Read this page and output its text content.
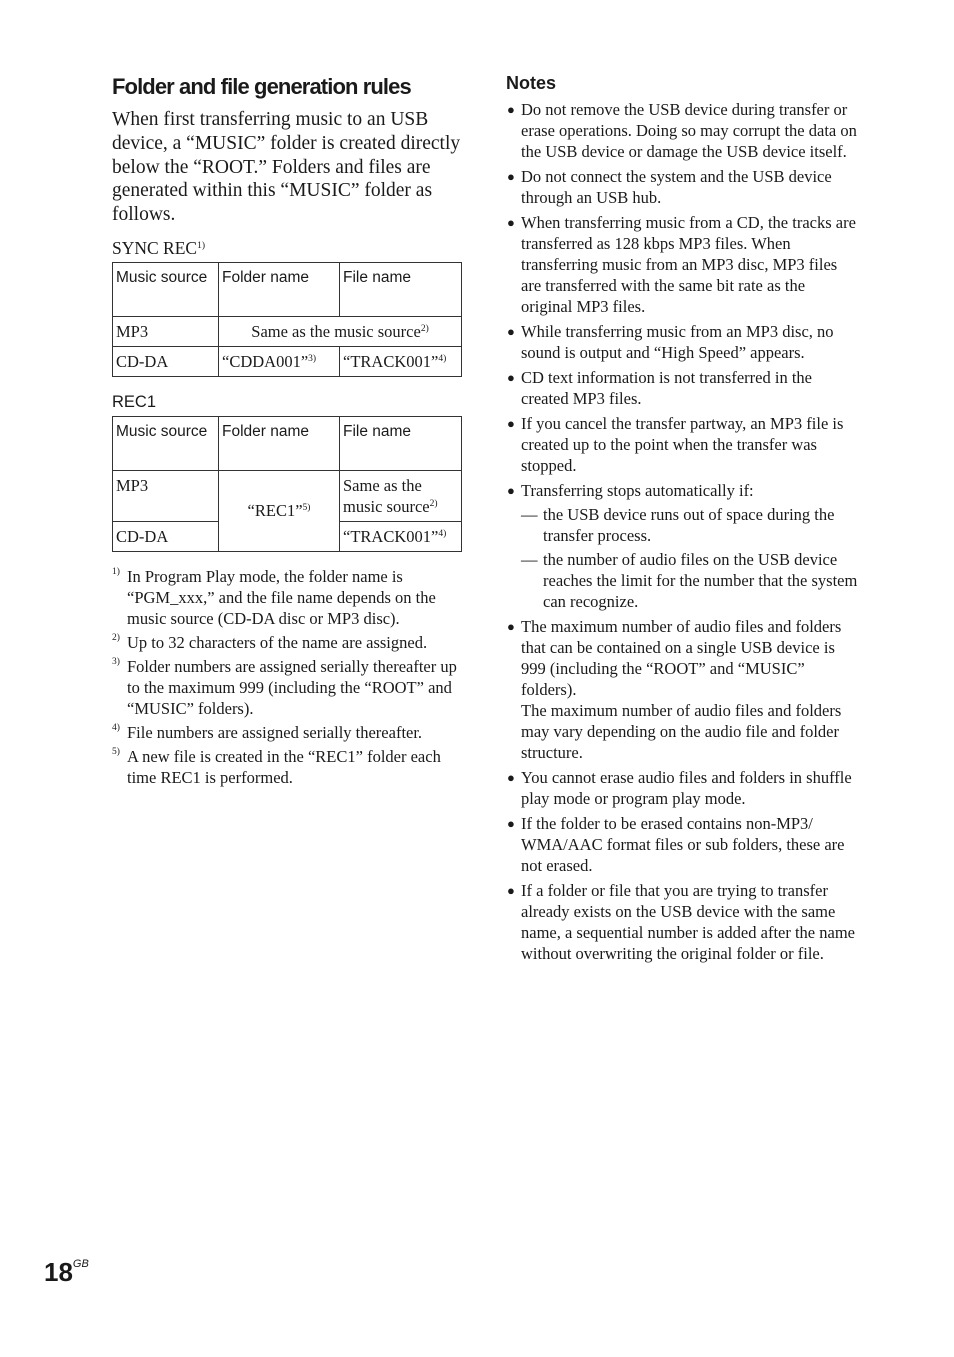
Folder and file generation rules

When first transferring music to an USB device, a “MUSIC” folder is created directly below the “ROOT.” Folders and files are generated within this “MUSIC” folder as follows.

SYNC REC$^{1)}$
Music source	Folder name	File name
MP3	Same as the music source$^{2)}$
CD-DA	“CDDA001”$^{3)}$	“TRACK001”$^{4)}$
REC1
Music source	Folder name	File name
MP3	“REC1”$^{5)}$	Same as the music source$^{2)}$
CD-DA		“TRACK001”$^{4)}$
1) In Program Play mode, the folder name is “PGM_xxx,” and the file name depends on the music source (CD-DA disc or MP3 disc).
2) Up to 32 characters of the name are assigned.
3) Folder numbers are assigned serially thereafter up to the maximum 999 (including the “ROOT” and “MUSIC” folders).
4) File numbers are assigned serially thereafter.
5) A new file is created in the “REC1” folder each time REC1 is performed.
Notes
● Do not remove the USB device during transfer or erase operations. Doing so may corrupt the data on the USB device or damage the USB device itself.
● Do not connect the system and the USB device through an USB hub.
● When transferring music from a CD, the tracks are transferred as 128 kbps MP3 files. When transferring music from an MP3 disc, MP3 files are transferred with the same bit rate as the original MP3 files.
● While transferring music from an MP3 disc, no sound is output and “High Speed” appears.
● CD text information is not transferred in the created MP3 files.
● If you cancel the transfer partway, an MP3 file is created up to the point when the transfer was stopped.
● Transferring stops automatically if:
— the USB device runs out of space during the transfer process.
— the number of audio files on the USB device reaches the limit for the number that the system can recognize.
● The maximum number of audio files and folders that can be contained on a single USB device is 999 (including the “ROOT” and “MUSIC” folders).
The maximum number of audio files and folders may vary depending on the audio file and folder structure.
● You cannot erase audio files and folders in shuffle play mode or program play mode.
● If the folder to be erased contains non-MP3/ WMA/AAC format files or sub folders, these are not erased.
● If a folder or file that you are trying to transfer already exists on the USB device with the same name, a sequential number is added after the name without overwriting the original folder or file.
$18^{GB}$
